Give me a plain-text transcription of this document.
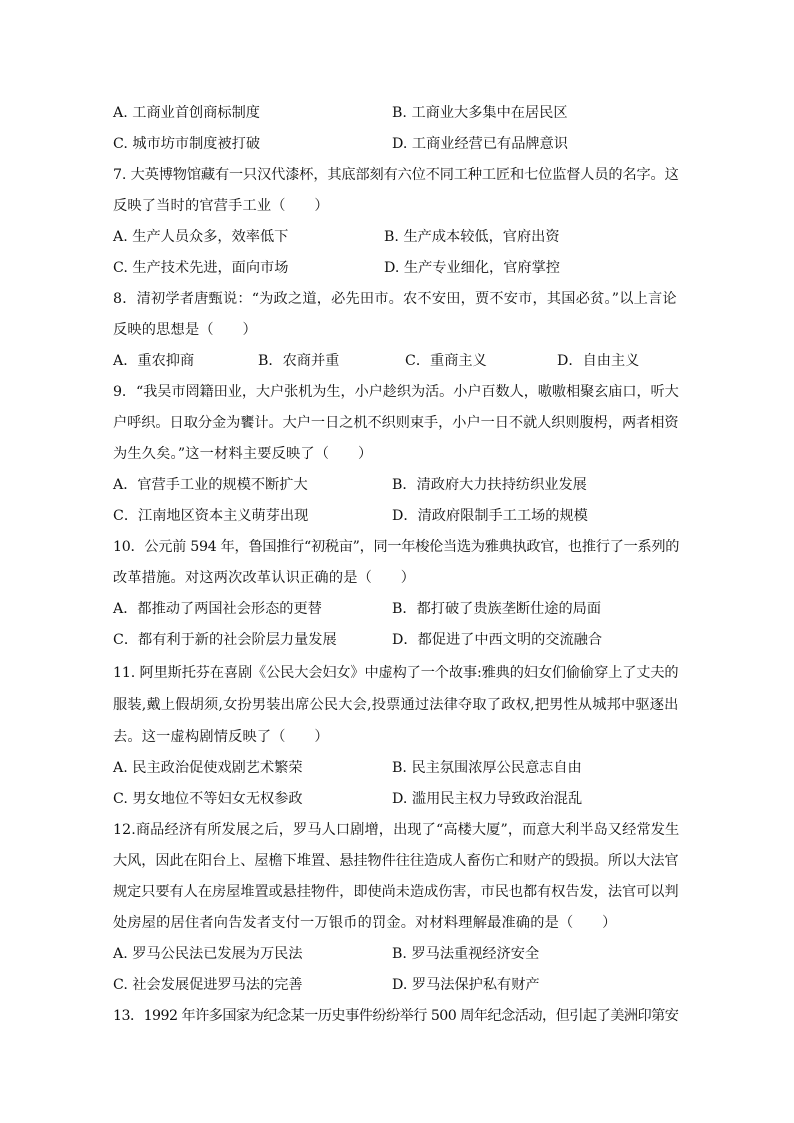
A. 工商业首创商标制度	B. 工商业大多集中在居民区
C. 城市坊市制度被打破	D. 工商业经营已有品牌意识
7. 大英博物馆藏有一只汉代漆杯，其底部刻有六位不同工种工匠和七位监督人员的名字。这
反映了当时的官营手工业（　　）
A. 生产人员众多，效率低下	B. 生产成本较低，官府出资
C. 生产技术先进，面向市场	D. 生产专业细化，官府掌控
8．清初学者唐甄说：“为政之道，必先田市。农不安田，贾不安市，其国必贫。”以上言论
反映的思想是（　　）
A．重农抑商	B．农商并重	C．重商主义	D．自由主义
9．“我吴市罔籍田业，大户张机为生，小户趁织为活。小户百数人，嗷嗷相聚玄庙口，听大
户呼织。日取分金为饔计。大户一日之机不织则束手，小户一日不就人织则腹枵，两者相资
为生久矣。”这一材料主要反映了（　　）
A．官营手工业的规模不断扩大	B．清政府大力扶持纺织业发展
C．江南地区资本主义萌芽出现	D．清政府限制手工工场的规模
10．公元前 594 年，鲁国推行“初税亩”，同一年梭伦当选为雅典执政官，也推行了一系列的
改革措施。对这两次改革认识正确的是（　　）
A．都推动了两国社会形态的更替	B．都打破了贵族垄断仕途的局面
C．都有利于新的社会阶层力量发展	D．都促进了中西文明的交流融合
11. 阿里斯托芬在喜剧《公民大会妇女》中虚构了一个故事:雅典的妇女们偷偷穿上了丈夫的
服装,戴上假胡须,女扮男装出席公民大会,投票通过法律夺取了政权,把男性从城邦中驱逐出
去。这一虚构剧情反映了（　　）
A. 民主政治促使戏剧艺术繁荣	B. 民主氛围浓厚公民意志自由
C. 男女地位不等妇女无权参政	D. 滥用民主权力导致政治混乱
12.商品经济有所发展之后，罗马人口剧增，出现了“高楼大厦”，而意大利半岛又经常发生
大风，因此在阳台上、屋檐下堆置、悬挂物件往往造成人畜伤亡和财产的毁损。所以大法官
规定只要有人在房屋堆置或悬挂物件，即使尚未造成伤害，市民也都有权告发，法官可以判
处房屋的居住者向告发者支付一万银币的罚金。对材料理解最准确的是（　　）
A. 罗马公民法已发展为万民法	B. 罗马法重视经济安全
C. 社会发展促进罗马法的完善	D. 罗马法保护私有财产
13．1992 年许多国家为纪念某一历史事件纷纷举行 500 周年纪念活动，但引起了美洲印第安
